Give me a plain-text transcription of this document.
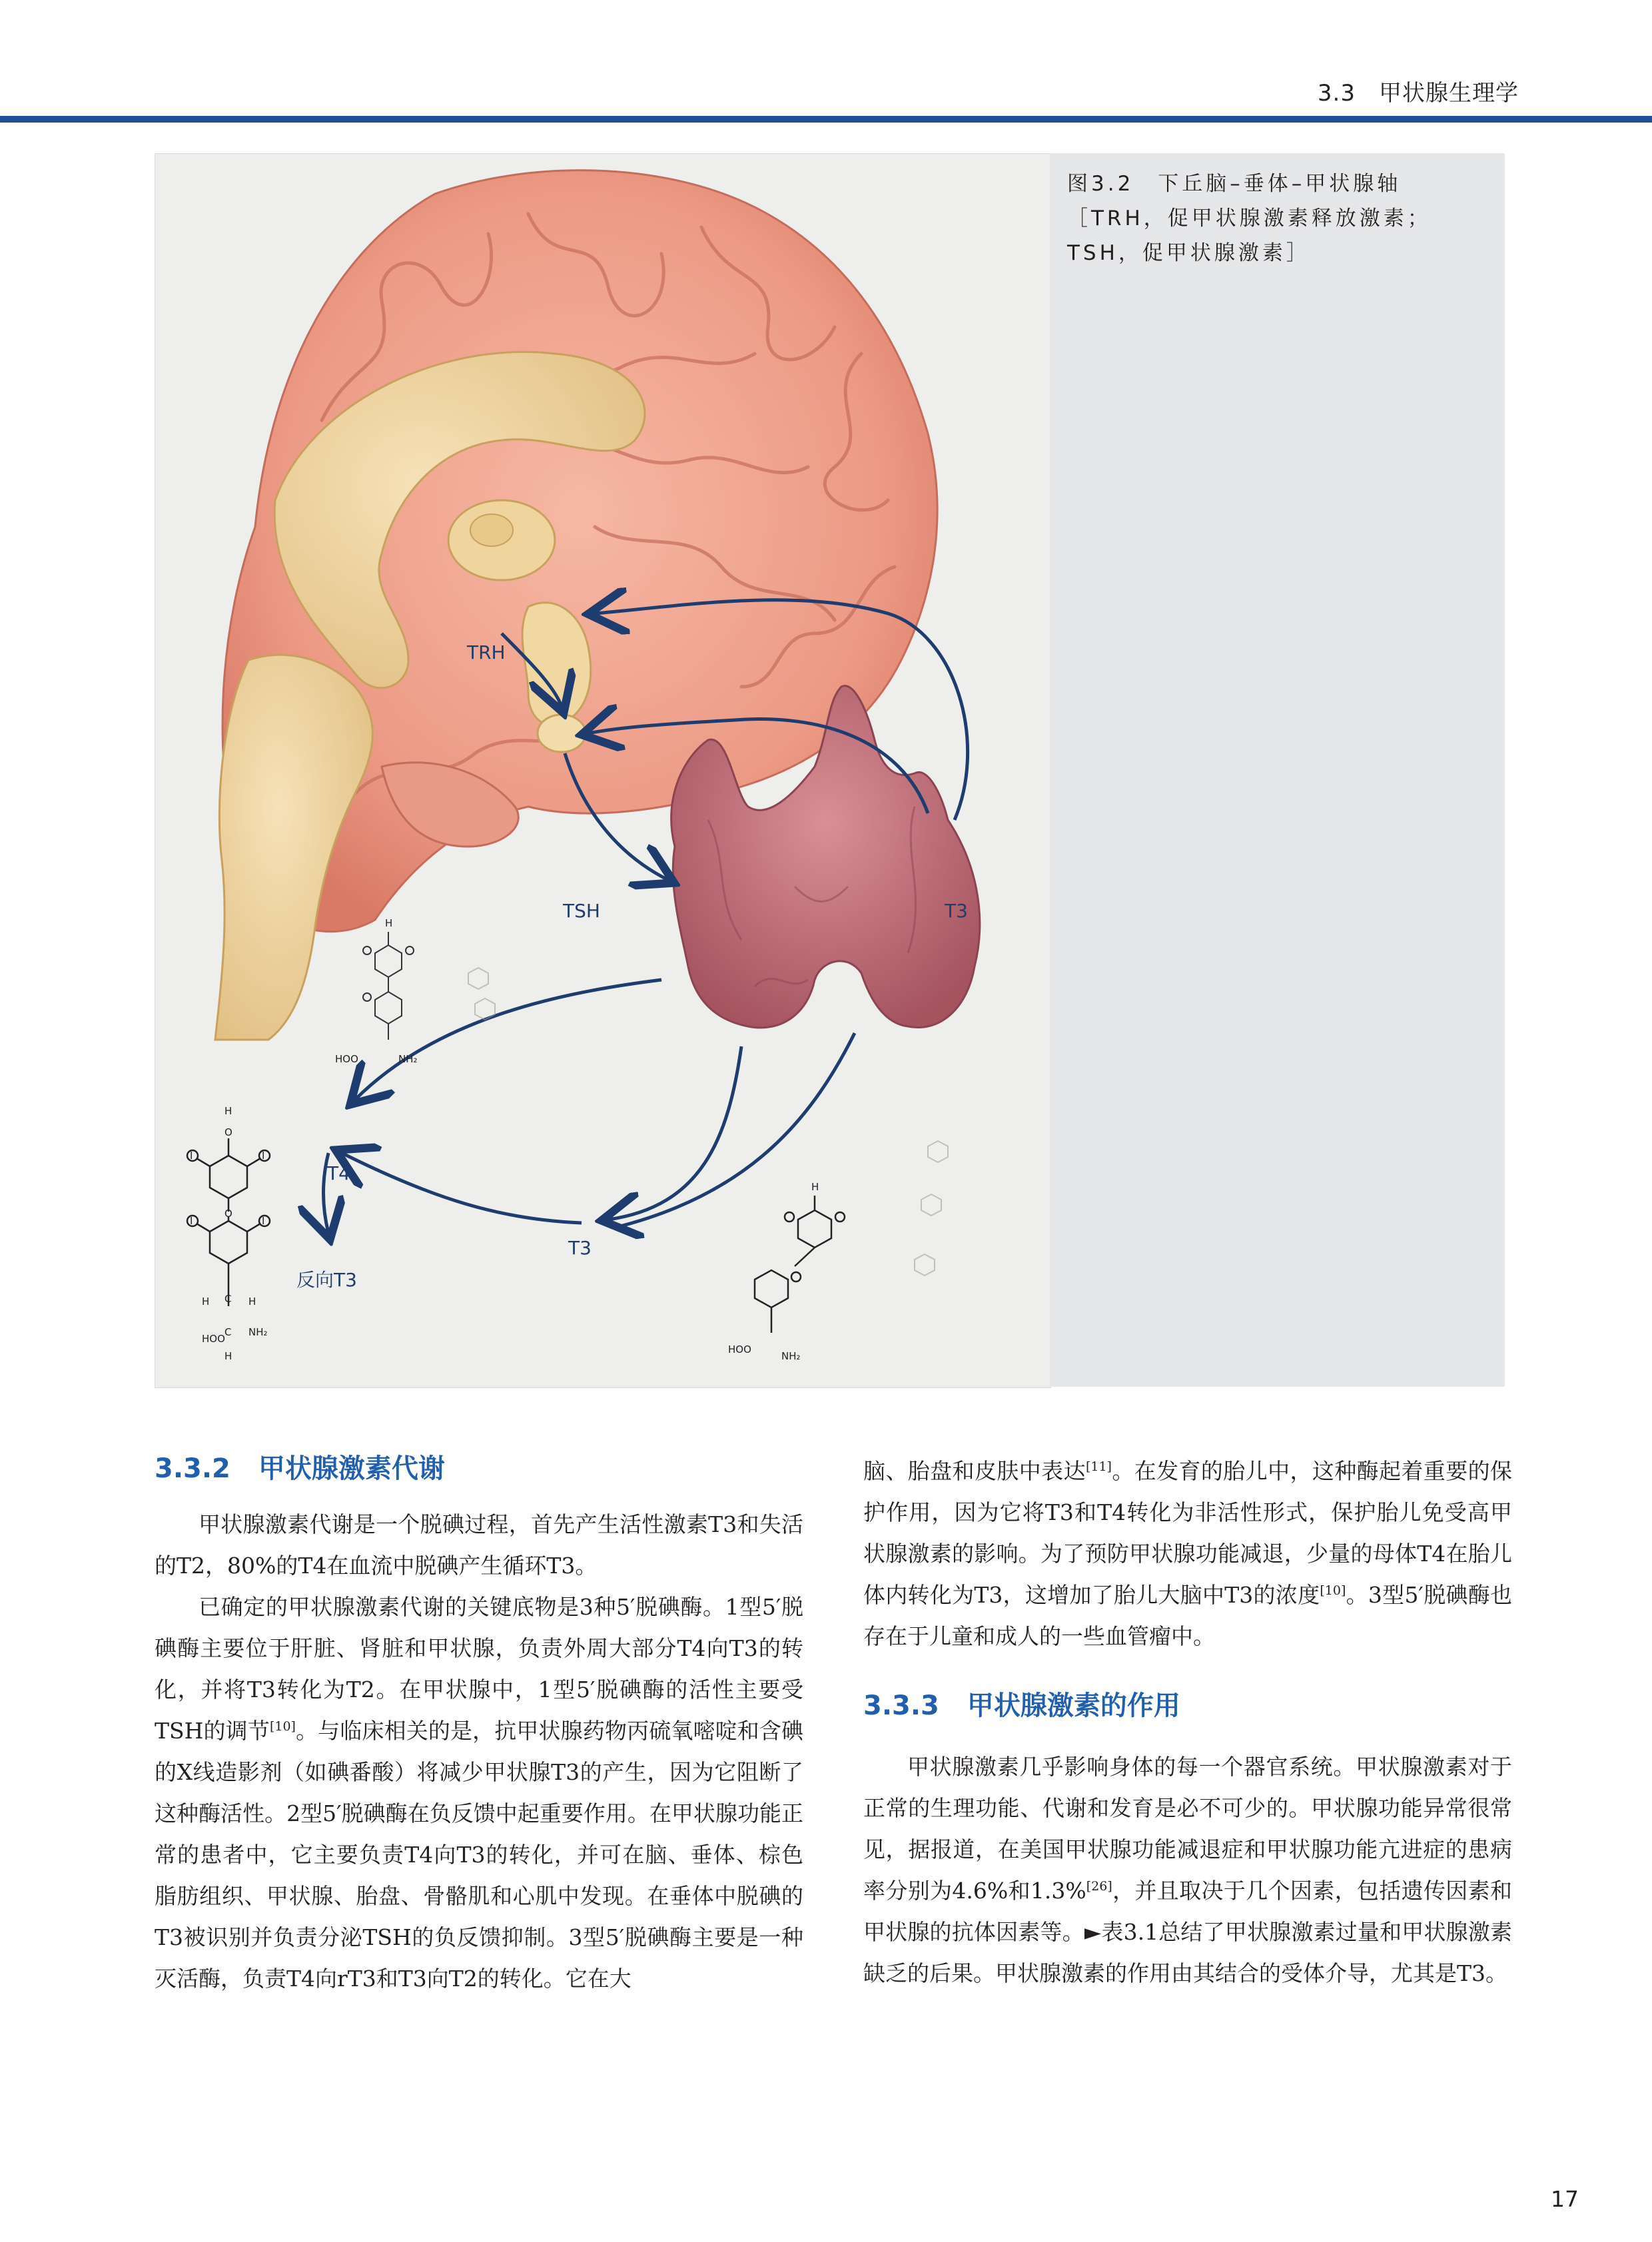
3.3　甲状腺生理学
TRH
TSH	T3
T4
反向T3
T3
H
O
O
I	I
I	I
H C H
HOO
C NH₂
H
H
HOO	NH₂
H
HOO
NH₂

图3.2　下丘脑–垂体–甲状腺轴［TRH，促甲状腺激素释放激素；TSH，促甲状腺激素］

3.3.2 甲状腺激素代谢

甲状腺激素代谢是一个脱碘过程，首先产生活性激素T3和失活的T2，80%的T4在血流中脱碘产生循环T3。

已确定的甲状腺激素代谢的关键底物是3种5′脱碘酶。1型5′脱碘酶主要位于肝脏、肾脏和甲状腺，负责外周大部分T4向T3的转化，并将T3转化为T2。在甲状腺中，1型5′脱碘酶的活性主要受TSH的调节[10]。与临床相关的是，抗甲状腺药物丙硫氧嘧啶和含碘的X线造影剂（如碘番酸）将减少甲状腺T3的产生，因为它阻断了这种酶活性。2型5′脱碘酶在负反馈中起重要作用。在甲状腺功能正常的患者中，它主要负责T4向T3的转化，并可在脑、垂体、棕色脂肪组织、甲状腺、胎盘、骨骼肌和心肌中发现。在垂体中脱碘的T3被识别并负责分泌TSH的负反馈抑制。3型5′脱碘酶主要是一种灭活酶，负责T4向rT3和T3向T2的转化。它在大

脑、胎盘和皮肤中表达[11]。在发育的胎儿中，这种酶起着重要的保护作用，因为它将T3和T4转化为非活性形式，保护胎儿免受高甲状腺激素的影响。为了预防甲状腺功能减退，少量的母体T4在胎儿体内转化为T3，这增加了胎儿大脑中T3的浓度[10]。3型5′脱碘酶也存在于儿童和成人的一些血管瘤中。

3.3.3 甲状腺激素的作用

甲状腺激素几乎影响身体的每一个器官系统。甲状腺激素对于正常的生理功能、代谢和发育是必不可少的。甲状腺功能异常很常见，据报道，在美国甲状腺功能减退症和甲状腺功能亢进症的患病率分别为4.6%和1.3%[26]，并且取决于几个因素，包括遗传因素和甲状腺的抗体因素等。►表3.1总结了甲状腺激素过量和甲状腺激素缺乏的后果。甲状腺激素的作用由其结合的受体介导，尤其是T3。

17
